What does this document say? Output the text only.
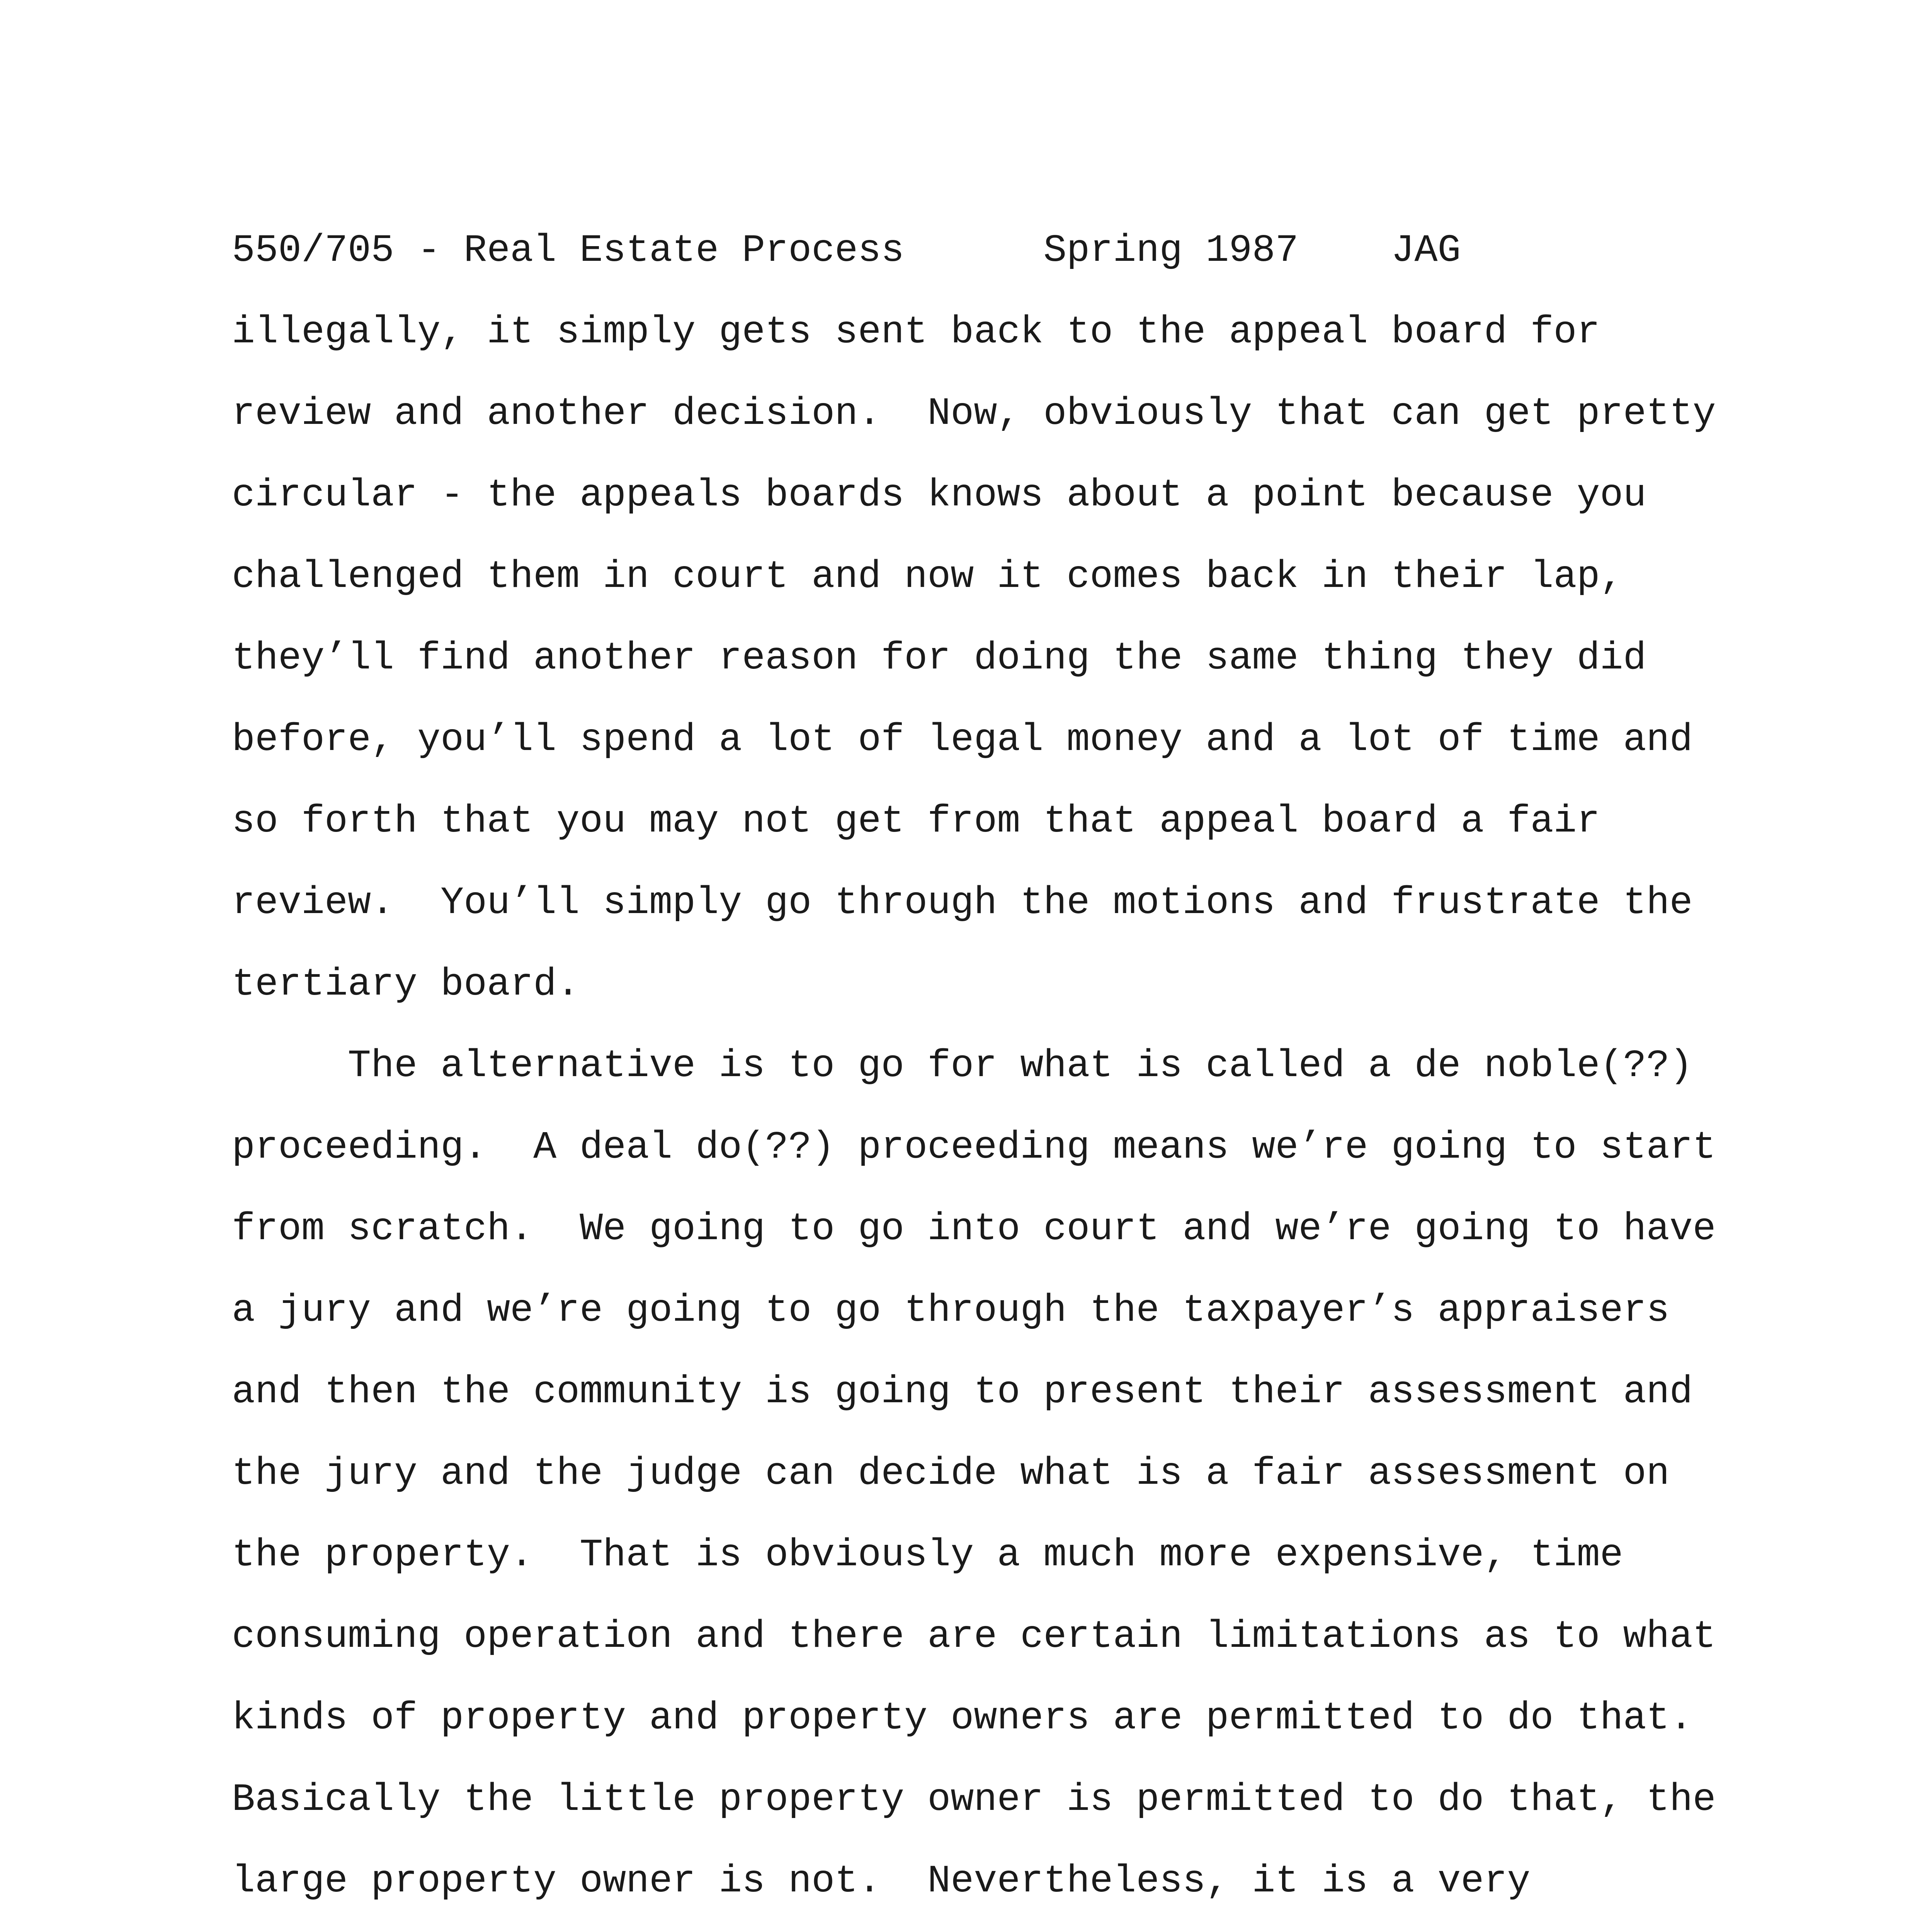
550/705 - Real Estate Process      Spring 1987    JAG
illegally, it simply gets sent back to the appeal board for
review and another decision.  Now, obviously that can get pretty
circular - the appeals boards knows about a point because you
challenged them in court and now it comes back in their lap,
they’ll find another reason for doing the same thing they did
before, you’ll spend a lot of legal money and a lot of time and
so forth that you may not get from that appeal board a fair
review.  You’ll simply go through the motions and frustrate the
tertiary board.
The alternative is to go for what is called a de noble(??)
proceeding.  A deal do(??) proceeding means we’re going to start
from scratch.  We going to go into court and we’re going to have
a jury and we’re going to go through the taxpayer’s appraisers
and then the community is going to present their assessment and
the jury and the judge can decide what is a fair assessment on
the property.  That is obviously a much more expensive, time
consuming operation and there are certain limitations as to what
kinds of property and property owners are permitted to do that.
Basically the little property owner is permitted to do that, the
large property owner is not.  Nevertheless, it is a very
